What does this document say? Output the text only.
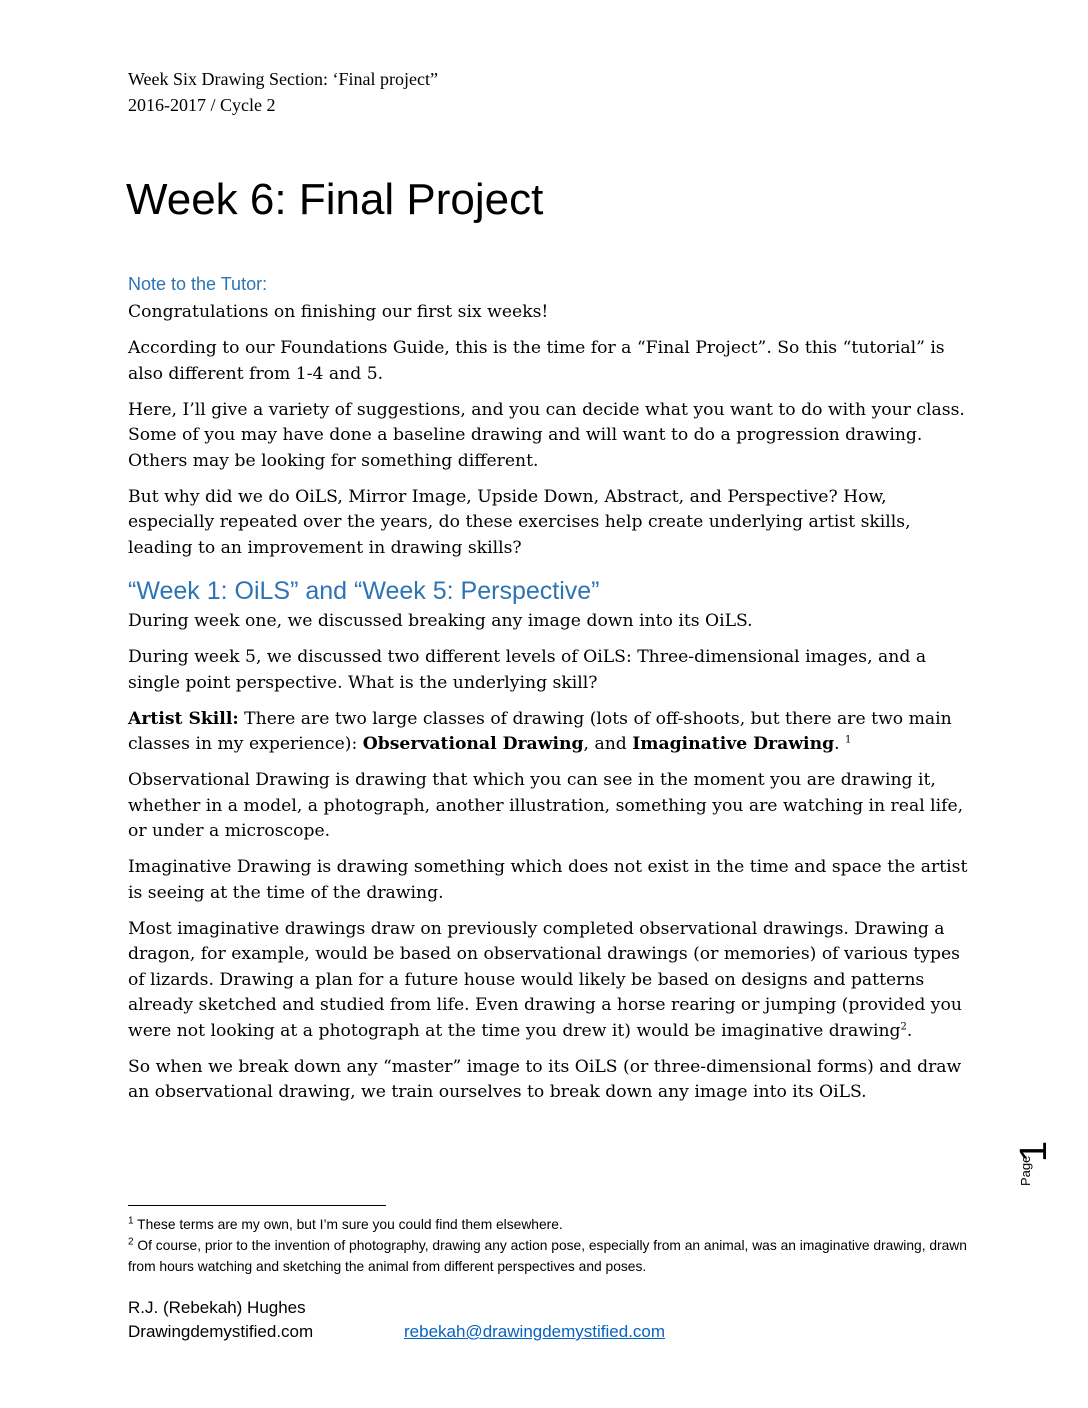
Week Six Drawing Section: ‘Final project”
2016-2017 / Cycle 2
Week 6: Final Project
Note to the Tutor:

Congratulations on finishing our first six weeks!

According to our Foundations Guide, this is the time for a “Final Project”. So this “tutorial” is also different from 1-4 and 5.

Here, I’ll give a variety of suggestions, and you can decide what you want to do with your class. Some of you may have done a baseline drawing and will want to do a progression drawing. Others may be looking for something different.

But why did we do OiLS, Mirror Image, Upside Down, Abstract, and Perspective? How, especially repeated over the years, do these exercises help create underlying artist skills, leading to an improvement in drawing skills?

“Week 1: OiLS” and “Week 5: Perspective”

During week one, we discussed breaking any image down into its OiLS.

During week 5, we discussed two different levels of OiLS: Three-dimensional images, and a single point perspective. What is the underlying skill?

Artist Skill: There are two large classes of drawing (lots of off-shoots, but there are two main classes in my experience): Observational Drawing, and Imaginative Drawing. $^1$

Observational Drawing is drawing that which you can see in the moment you are drawing it, whether in a model, a photograph, another illustration, something you are watching in real life, or under a microscope.

Imaginative Drawing is drawing something which does not exist in the time and space the artist is seeing at the time of the drawing.

Most imaginative drawings draw on previously completed observational drawings. Drawing a dragon, for example, would be based on observational drawings (or memories) of various types of lizards. Drawing a plan for a future house would likely be based on designs and patterns already sketched and studied from life. Even drawing a horse rearing or jumping (provided you were not looking at a photograph at the time you drew it) would be imaginative drawing$^2$.

So when we break down any “master” image to its OiLS (or three-dimensional forms) and draw an observational drawing, we train ourselves to break down any image into its OiLS.

$^1$ These terms are my own, but I’m sure you could find them elsewhere.
$^2$ Of course, prior to the invention of photography, drawing any action pose, especially from an animal, was an imaginative drawing, drawn from hours watching and sketching the animal from different perspectives and poses.
R.J. (Rebekah) Hughes
Drawingdemystified.com	rebekah@drawingdemystified.com
Page
1
